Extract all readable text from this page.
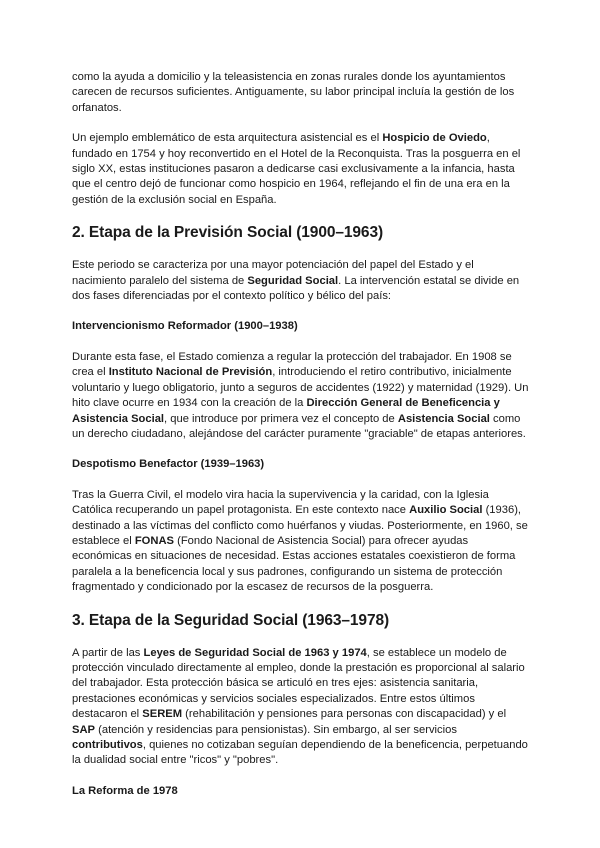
como la ayuda a domicilio y la teleasistencia en zonas rurales donde los ayuntamientos carecen de recursos suficientes. Antiguamente, su labor principal incluía la gestión de los orfanatos.

Un ejemplo emblemático de esta arquitectura asistencial es el Hospicio de Oviedo, fundado en 1754 y hoy reconvertido en el Hotel de la Reconquista. Tras la posguerra en el siglo XX, estas instituciones pasaron a dedicarse casi exclusivamente a la infancia, hasta que el centro dejó de funcionar como hospicio en 1964, reflejando el fin de una era en la gestión de la exclusión social en España.

2. Etapa de la Previsión Social (1900–1963)

Este periodo se caracteriza por una mayor potenciación del papel del Estado y el nacimiento paralelo del sistema de Seguridad Social. La intervención estatal se divide en dos fases diferenciadas por el contexto político y bélico del país:

Intervencionismo Reformador (1900–1938)

Durante esta fase, el Estado comienza a regular la protección del trabajador. En 1908 se crea el Instituto Nacional de Previsión, introduciendo el retiro contributivo, inicialmente voluntario y luego obligatorio, junto a seguros de accidentes (1922) y maternidad (1929). Un hito clave ocurre en 1934 con la creación de la Dirección General de Beneficencia y Asistencia Social, que introduce por primera vez el concepto de Asistencia Social como un derecho ciudadano, alejándose del carácter puramente "graciable" de etapas anteriores.

Despotismo Benefactor (1939–1963)

Tras la Guerra Civil, el modelo vira hacia la supervivencia y la caridad, con la Iglesia Católica recuperando un papel protagonista. En este contexto nace Auxilio Social (1936), destinado a las víctimas del conflicto como huérfanos y viudas. Posteriormente, en 1960, se establece el FONAS (Fondo Nacional de Asistencia Social) para ofrecer ayudas económicas en situaciones de necesidad. Estas acciones estatales coexistieron de forma paralela a la beneficencia local y sus padrones, configurando un sistema de protección fragmentado y condicionado por la escasez de recursos de la posguerra.

3. Etapa de la Seguridad Social (1963–1978)

A partir de las Leyes de Seguridad Social de 1963 y 1974, se establece un modelo de protección vinculado directamente al empleo, donde la prestación es proporcional al salario del trabajador. Esta protección básica se articuló en tres ejes: asistencia sanitaria, prestaciones económicas y servicios sociales especializados. Entre estos últimos destacaron el SEREM (rehabilitación y pensiones para personas con discapacidad) y el SAP (atención y residencias para pensionistas). Sin embargo, al ser servicios contributivos, quienes no cotizaban seguían dependiendo de la beneficencia, perpetuando la dualidad social entre "ricos" y "pobres".

La Reforma de 1978
